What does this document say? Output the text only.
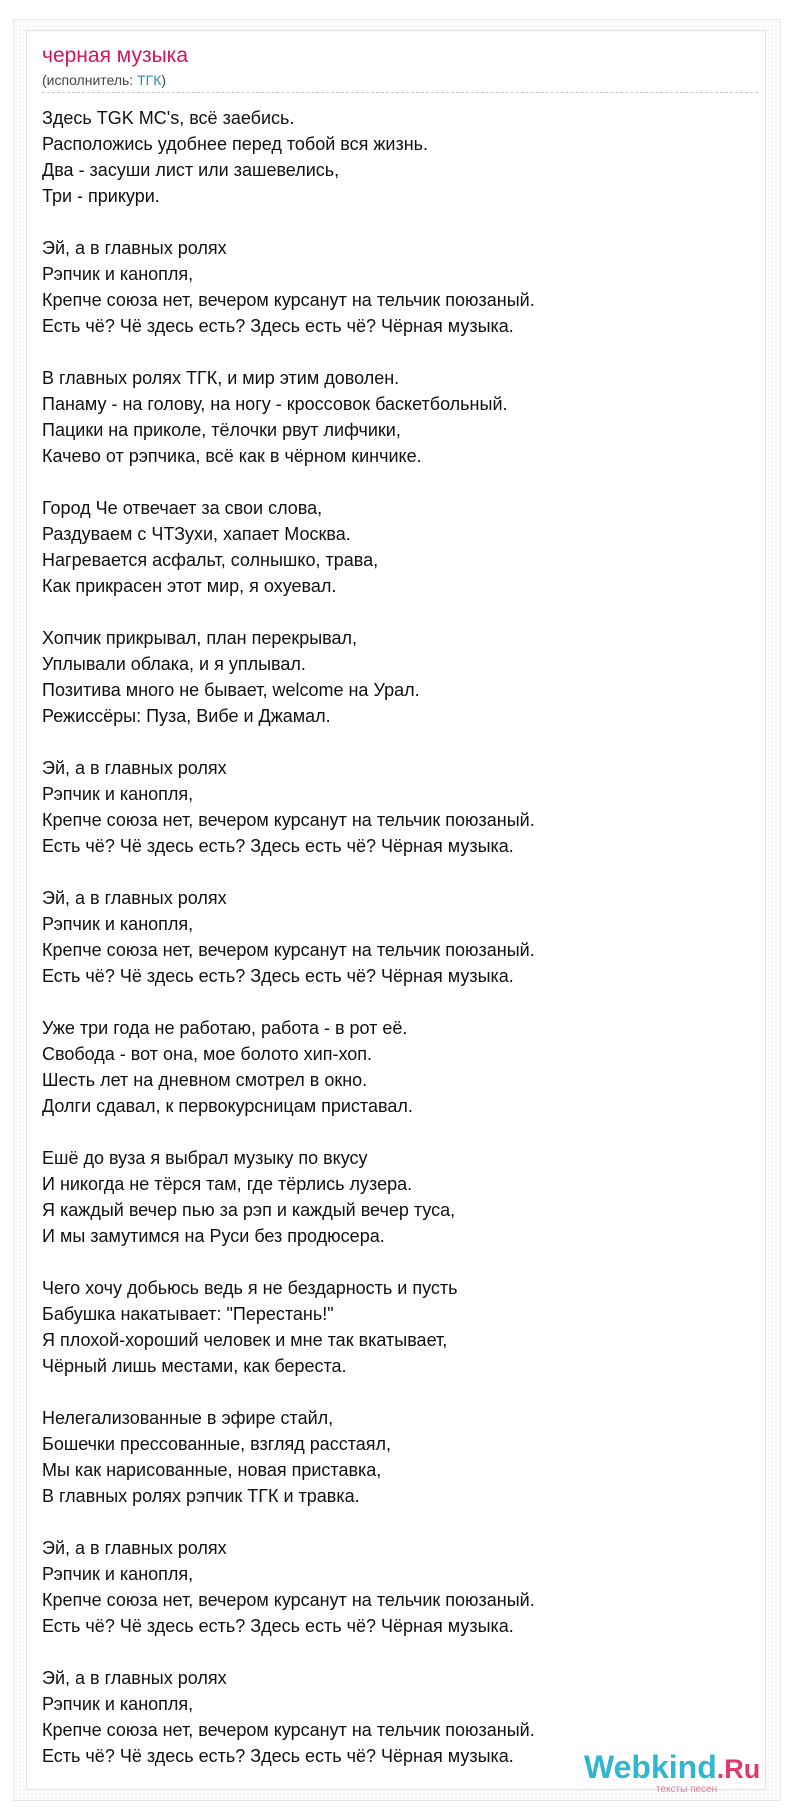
черная музыка
(исполнитель: ТГК)
Здесь TGK MC's, всё заебись.
Расположись удобнее перед тобой вся жизнь.
Два - засуши лист или зашевелись,
Три - прикури.
Эй, а в главных ролях
Рэпчик и канопля,
Крепче союза нет, вечером курсанут на тельчик поюзаный.
Есть чё? Чё здесь есть? Здесь есть чё? Чёрная музыка.
В главных ролях ТГК, и мир этим доволен.
Панаму - на голову, на ногу - кроссовок баскетбольный.
Пацики на приколе, тёлочки рвут лифчики,
Качево от рэпчика, всё как в чёрном кинчике.
Город Че отвечает за свои слова,
Раздуваем с ЧТЗухи, хапает Москва.
Нагревается асфальт, солнышко, трава,
Как прикрасен этот мир, я охуевал.
Хопчик прикрывал, план перекрывал,
Уплывали облака, и я уплывал.
Позитива много не бывает, welcome на Урал.
Режиссёры: Пуза, Вибе и Джамал.
Эй, а в главных ролях
Рэпчик и канопля,
Крепче союза нет, вечером курсанут на тельчик поюзаный.
Есть чё? Чё здесь есть? Здесь есть чё? Чёрная музыка.
Эй, а в главных ролях
Рэпчик и канопля,
Крепче союза нет, вечером курсанут на тельчик поюзаный.
Есть чё? Чё здесь есть? Здесь есть чё? Чёрная музыка.
Уже три года не работаю, работа - в рот её.
Свобода - вот она, мое болото хип-хоп.
Шесть лет на дневном смотрел в окно.
Долги сдавал, к первокурсницам приставал.
Ешё до вуза я выбрал музыку по вкусу
И никогда не тёрся там, где тёрлись лузера.
Я каждый вечер пью за рэп и каждый вечер туса,
И мы замутимся на Руси без продюсера.
Чего хочу добьюсь ведь я не бездарность и пусть
Бабушка накатывает: "Перестань!"
Я плохой-хороший человек и мне так вкатывает,
Чёрный лишь местами, как береста.
Нелегализованные в эфире стайл,
Бошечки прессованные, взгляд расстаял,
Мы как нарисованные, новая приставка,
В главных ролях рэпчик ТГК и травка.
Эй, а в главных ролях
Рэпчик и канопля,
Крепче союза нет, вечером курсанут на тельчик поюзаный.
Есть чё? Чё здесь есть? Здесь есть чё? Чёрная музыка.
Эй, а в главных ролях
Рэпчик и канопля,
Крепче союза нет, вечером курсанут на тельчик поюзаный.
Есть чё? Чё здесь есть? Здесь есть чё? Чёрная музыка.	Webkind.Ru
тексты песен
